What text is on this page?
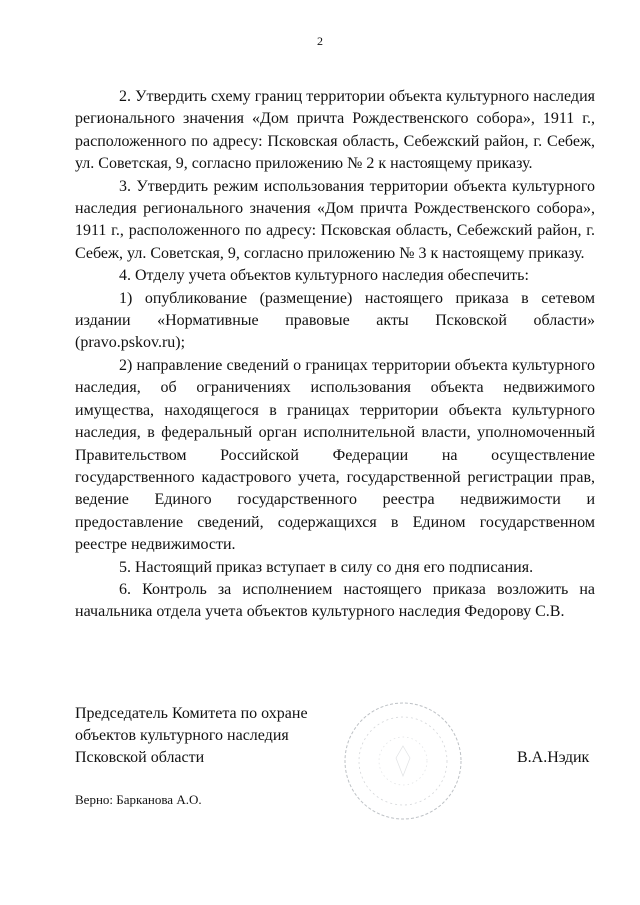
2

2. Утвердить схему границ территории объекта культурного наследия регионального значения «Дом причта Рождественского собора», 1911 г., расположенного по адресу: Псковская область, Себежский район, г. Себеж, ул. Советская, 9, согласно приложению № 2 к настоящему приказу.

3. Утвердить режим использования территории объекта культурного наследия регионального значения «Дом причта Рождественского собора», 1911 г., расположенного по адресу: Псковская область, Себежский район, г. Себеж, ул. Советская, 9, согласно приложению № 3 к настоящему приказу.

4. Отделу учета объектов культурного наследия обеспечить:

1) опубликование (размещение) настоящего приказа в сетевом издании «Нормативные правовые акты Псковской области» (pravo.pskov.ru);

2) направление сведений о границах территории объекта культурного наследия, об ограничениях использования объекта недвижимого имущества, находящегося в границах территории объекта культурного наследия, в федеральный орган исполнительной власти, уполномоченный Правительством Российской Федерации на осуществление государственного кадастрового учета, государственной регистрации прав, ведение Единого государственного реестра недвижимости и предоставление сведений, содержащихся в Едином государственном реестре недвижимости.

5. Настоящий приказ вступает в силу со дня его подписания.

6. Контроль за исполнением настоящего приказа возложить на начальника отдела учета объектов культурного наследия Федорову С.В.

Председатель Комитета по охране
объектов культурного наследия
Псковской области	В.А.Нэдик
Верно: Барканова А.О.
